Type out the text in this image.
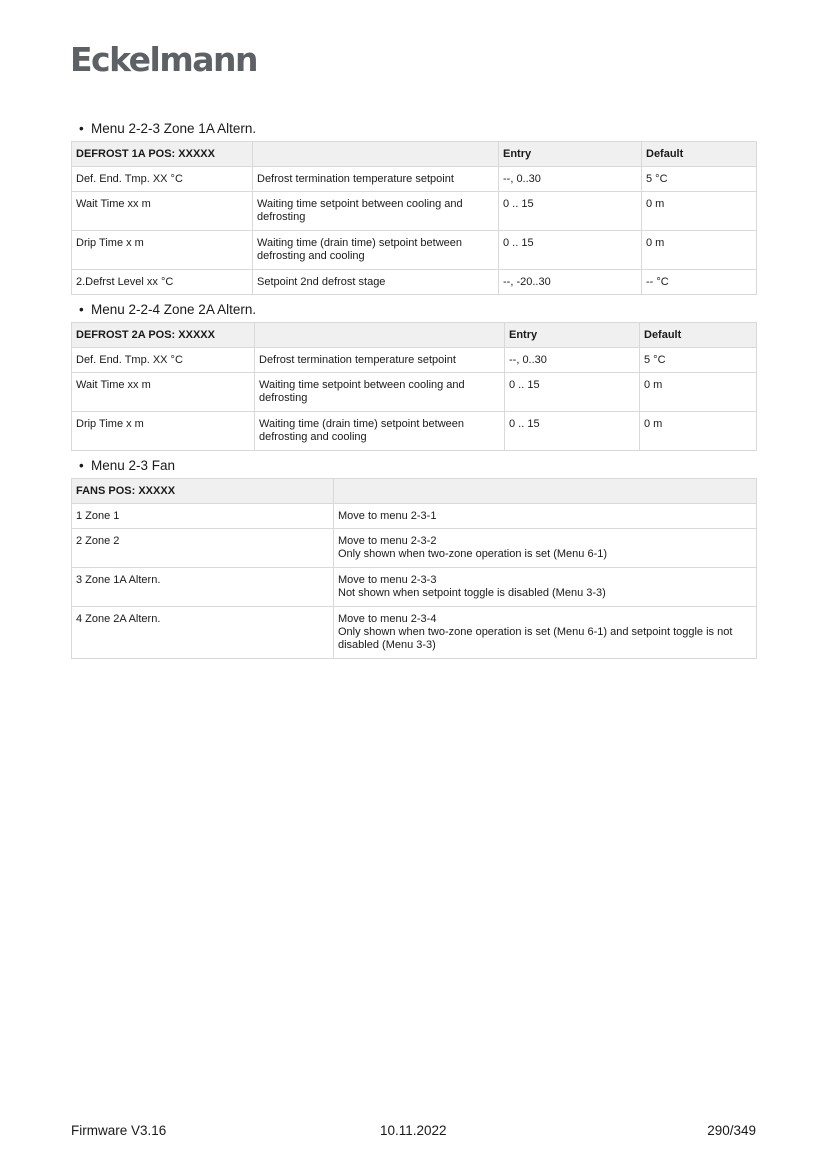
Eckelmann
• Menu 2-2-3 Zone 1A Altern.
DEFROST 1A POS: XXXXX		Entry	Default
Def. End. Tmp. XX °C	Defrost termination temperature setpoint	--, 0..30	5 °C
Wait Time xx m	Waiting time setpoint between cooling and defrosting	0 .. 15	0 m
Drip Time x m	Waiting time (drain time) setpoint between defrosting and cooling	0 .. 15	0 m
2.Defrst Level xx °C	Setpoint 2nd defrost stage	--, -20..30	-- °C
• Menu 2-2-4 Zone 2A Altern.
DEFROST 2A POS: XXXXX		Entry	Default
Def. End. Tmp. XX °C	Defrost termination temperature setpoint	--, 0..30	5 °C
Wait Time xx m	Waiting time setpoint between cooling and defrosting	0 .. 15	0 m
Drip Time x m	Waiting time (drain time) setpoint between defrosting and cooling	0 .. 15	0 m
• Menu 2-3 Fan
FANS POS: XXXXX	
1 Zone 1	Move to menu 2-3-1
2 Zone 2	Move to menu 2-3-2
Only shown when two-zone operation is set (Menu 6-1)
3 Zone 1A Altern.	Move to menu 2-3-3
Not shown when setpoint toggle is disabled (Menu 3-3)
4 Zone 2A Altern.	Move to menu 2-3-4
Only shown when two-zone operation is set (Menu 6-1) and setpoint toggle is not disabled (Menu 3-3)
Firmware V3.16	10.11.2022	290/349
